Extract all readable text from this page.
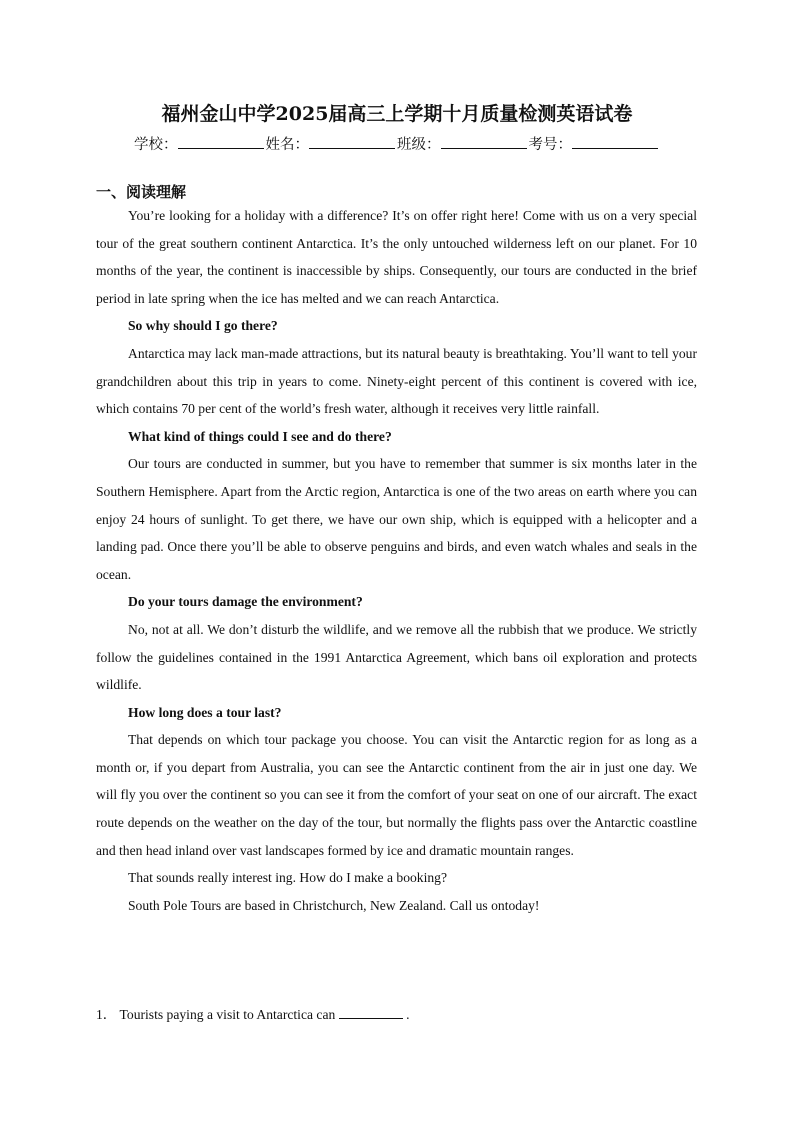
福州金山中学2025届高三上学期十月质量检测英语试卷
学校：	姓名：	班级：	考号：
一、阅读理解

You’re looking for a holiday with a difference? It’s on offer right here! Come with us on a very special tour of the great southern continent Antarctica. It’s the only untouched wilderness left on our planet. For 10 months of the year, the continent is inaccessible by ships. Consequently, our tours are conducted in the brief period in late spring when the ice has melted and we can reach Antarctica.

So why should I go there?

Antarctica may lack man-made attractions, but its natural beauty is breathtaking. You’ll want to tell your grandchildren about this trip in years to come. Ninety-eight percent of this continent is covered with ice, which contains 70 per cent of the world’s fresh water, although it receives very little rainfall.

What kind of things could I see and do there?

Our tours are conducted in summer, but you have to remember that summer is six months later in the Southern Hemisphere. Apart from the Arctic region, Antarctica is one of the two areas on earth where you can enjoy 24 hours of sunlight. To get there, we have our own ship, which is equipped with a helicopter and a landing pad. Once there you’ll be able to observe penguins and birds, and even watch whales and seals in the ocean.

Do your tours damage the environment?

No, not at all. We don’t disturb the wildlife, and we remove all the rubbish that we produce. We strictly follow the guidelines contained in the 1991 Antarctica Agreement, which bans oil exploration and protects wildlife.

How long does a tour last?

That depends on which tour package you choose. You can visit the Antarctic region for as long as a month or, if you depart from Australia, you can see the Antarctic continent from the air in just one day. We will fly you over the continent so you can see it from the comfort of your seat on one of our aircraft. The exact route depends on the weather on the day of the tour, but normally the flights pass over the Antarctic coastline and then head inland over vast landscapes formed by ice and dramatic mountain ranges.

That sounds really interest ing. How do I make a booking?

South Pole Tours are based in Christchurch, New Zealand. Call us ontoday!

1． Tourists paying a visit to Antarctica can	.
